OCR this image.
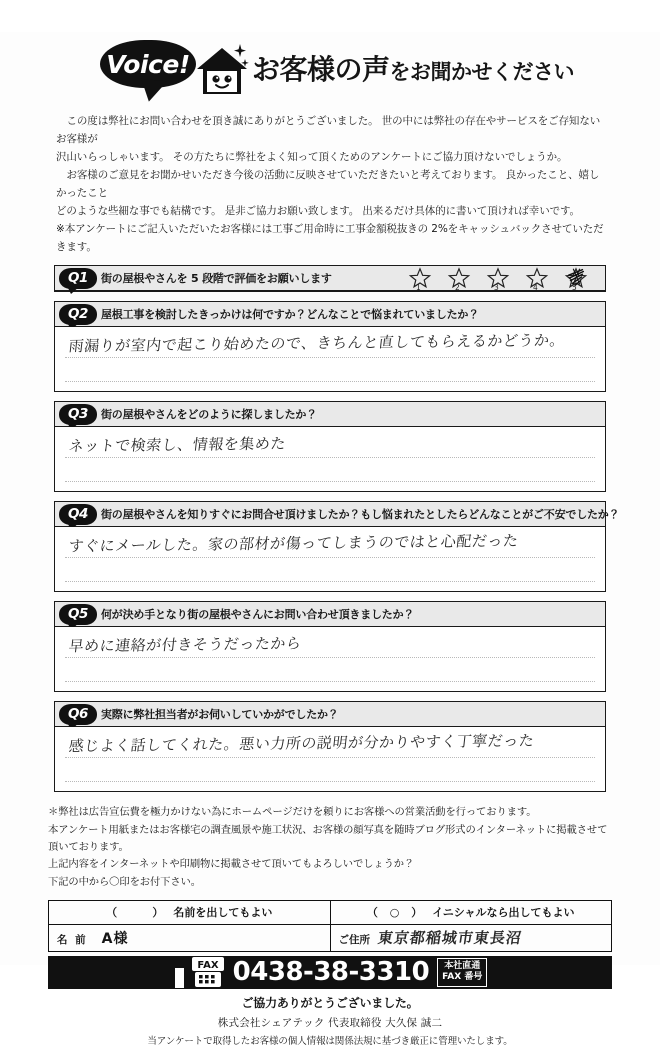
Voice! お客様の声をお聞かせください

この度は弊社にお問い合わせを頂き誠にありがとうございました。 世の中には弊社の存在やサービスをご存知ないお客様が

沢山いらっしゃいます。 その方たちに弊社をよく知って頂くためのアンケートにご協力頂けないでしょうか。

お客様のご意見をお聞かせいただき今後の活動に反映させていただきたいと考えております。 良かったこと、嬉しかったこと

どのような些細な事でも結構です。 是非ご協力お願い致します。 出来るだけ具体的に書いて頂ければ幸いです。

※本アンケートにご記入いただいたお客様には工事ご用命時に工事金額税抜きの 2%をキャッシュバックさせていただきます。

Q1	街の屋根やさんを 5 段階で評価をお願いします
1	2	3	4	5
Q2	屋根工事を検討したきっかけは何ですか？どんなことで悩まれていましたか？
雨漏りが室内で起こり始めたので、きちんと直してもらえるかどうか。
Q3	街の屋根やさんをどのように探しましたか？
ネットで検索し、情報を集めた
Q4	街の屋根やさんを知りすぐにお問合せ頂けましたか？もし悩まれたとしたらどんなことがご不安でしたか？
すぐにメールした。家の部材が傷ってしまうのではと心配だった
Q5	何が決め手となり街の屋根やさんにお問い合わせ頂きましたか？
早めに連絡が付きそうだったから
Q6	実際に弊社担当者がお伺いしていかがでしたか？
感じよく話してくれた。悪い力所の説明が分かりやすく丁寧だった

＊弊社は広告宣伝費を極力かけない為にホームページだけを頼りにお客様への営業活動を行っております。

本アンケート用紙またはお客様宅の調査風景や施工状況、お客様の顔写真を随時ブログ形式のインターネットに掲載させて頂いております。

上記内容をインターネットや印刷物に掲載させて頂いてもよろしいでしょうか？

下記の中から〇印をお付下さい。

（    ） 名前を出してもよい	（ ○ ） イニシャルなら出してもよい
名 前 A様	ご住所 東京都稲城市東長沼
FAX 0438-38-3310 本社直通
FAX 番号
ご協力ありがとうございました。
株式会社シェアテック 代表取締役 大久保 誠二
当アンケートで取得したお客様の個人情報は関係法規に基づき厳正に管理いたします。
